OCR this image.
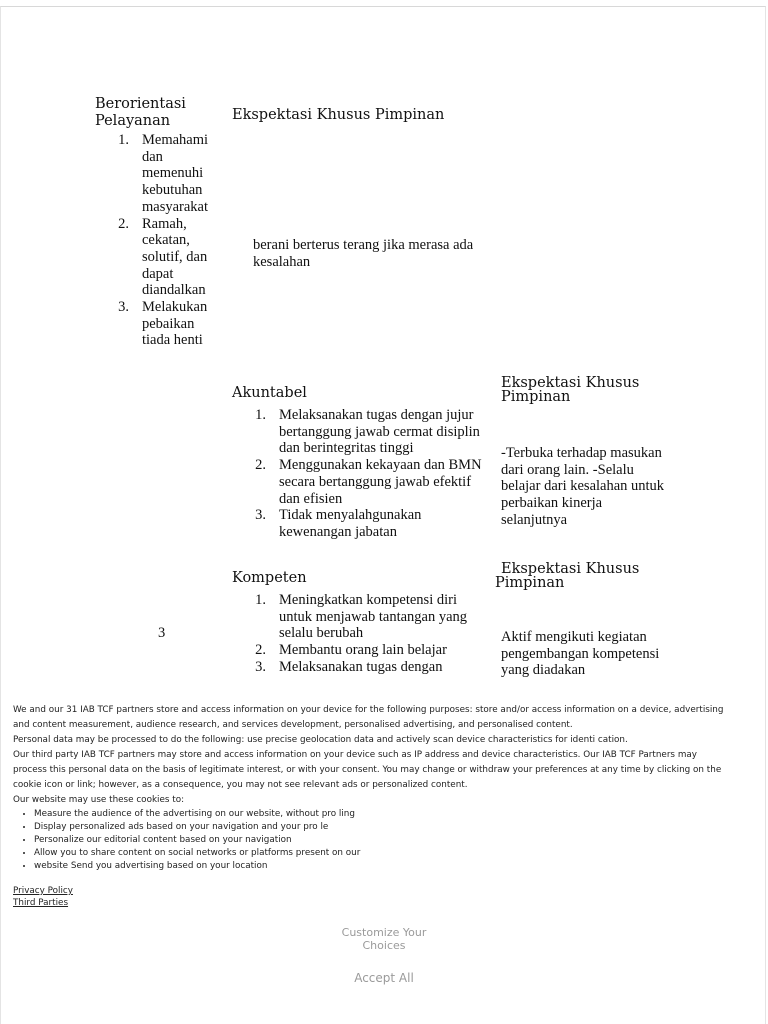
Berorientasi
Pelayanan
1. Memahami
dan
memenuhi
kebutuhan
masyarakat
2. Ramah,
cekatan,
solutif, dan
dapat
diandalkan
3. Melakukan
pebaikan
tiada henti
Ekspektasi Khusus Pimpinan
berani berterus terang jika merasa ada
kesalahan
Akuntabel
1. Melaksanakan tugas dengan jujur
bertanggung jawab cermat disiplin
dan berintegritas tinggi
2. Menggunakan kekayaan dan BMN
secara bertanggung jawab efektif
dan efisien
3. Tidak menyalahgunakan
kewenangan jabatan
Ekspektasi Khusus
Pimpinan
-Terbuka terhadap masukan
dari orang lain. -Selalu
belajar dari kesalahan untuk
perbaikan kinerja
selanjutnya
Kompeten
1. Meningkatkan kompetensi diri
untuk menjawab tantangan yang
selalu berubah
2. Membantu orang lain belajar
3. Melaksanakan tugas dengan
Ekspektasi Khusus
Pimpinan
Aktif mengikuti kegiatan
pengembangan kompetensi
yang diadakan
3

We and our 31 IAB TCF partners store and access information on your device for the following purposes: store and/or access information on a device, advertising
and content measurement, audience research, and services development, personalised advertising, and personalised content.

Personal data may be processed to do the following: use precise geolocation data and actively scan device characteristics for identi cation.

Our third party IAB TCF partners may store and access information on your device such as IP address and device characteristics. Our IAB TCF Partners may
process this personal data on the basis of legitimate interest, or with your consent. You may change or withdraw your preferences at any time by clicking on the
cookie icon or link; however, as a consequence, you may not see relevant ads or personalized content.

Our website may use these cookies to:

• Measure the audience of the advertising on our website, without pro ling
• Display personalized ads based on your navigation and your pro le
• Personalize our editorial content based on your navigation
• Allow you to share content on social networks or platforms present on our
• website Send you advertising based on your location
Privacy Policy
Third Parties
Customize Your
Choices
Accept All
